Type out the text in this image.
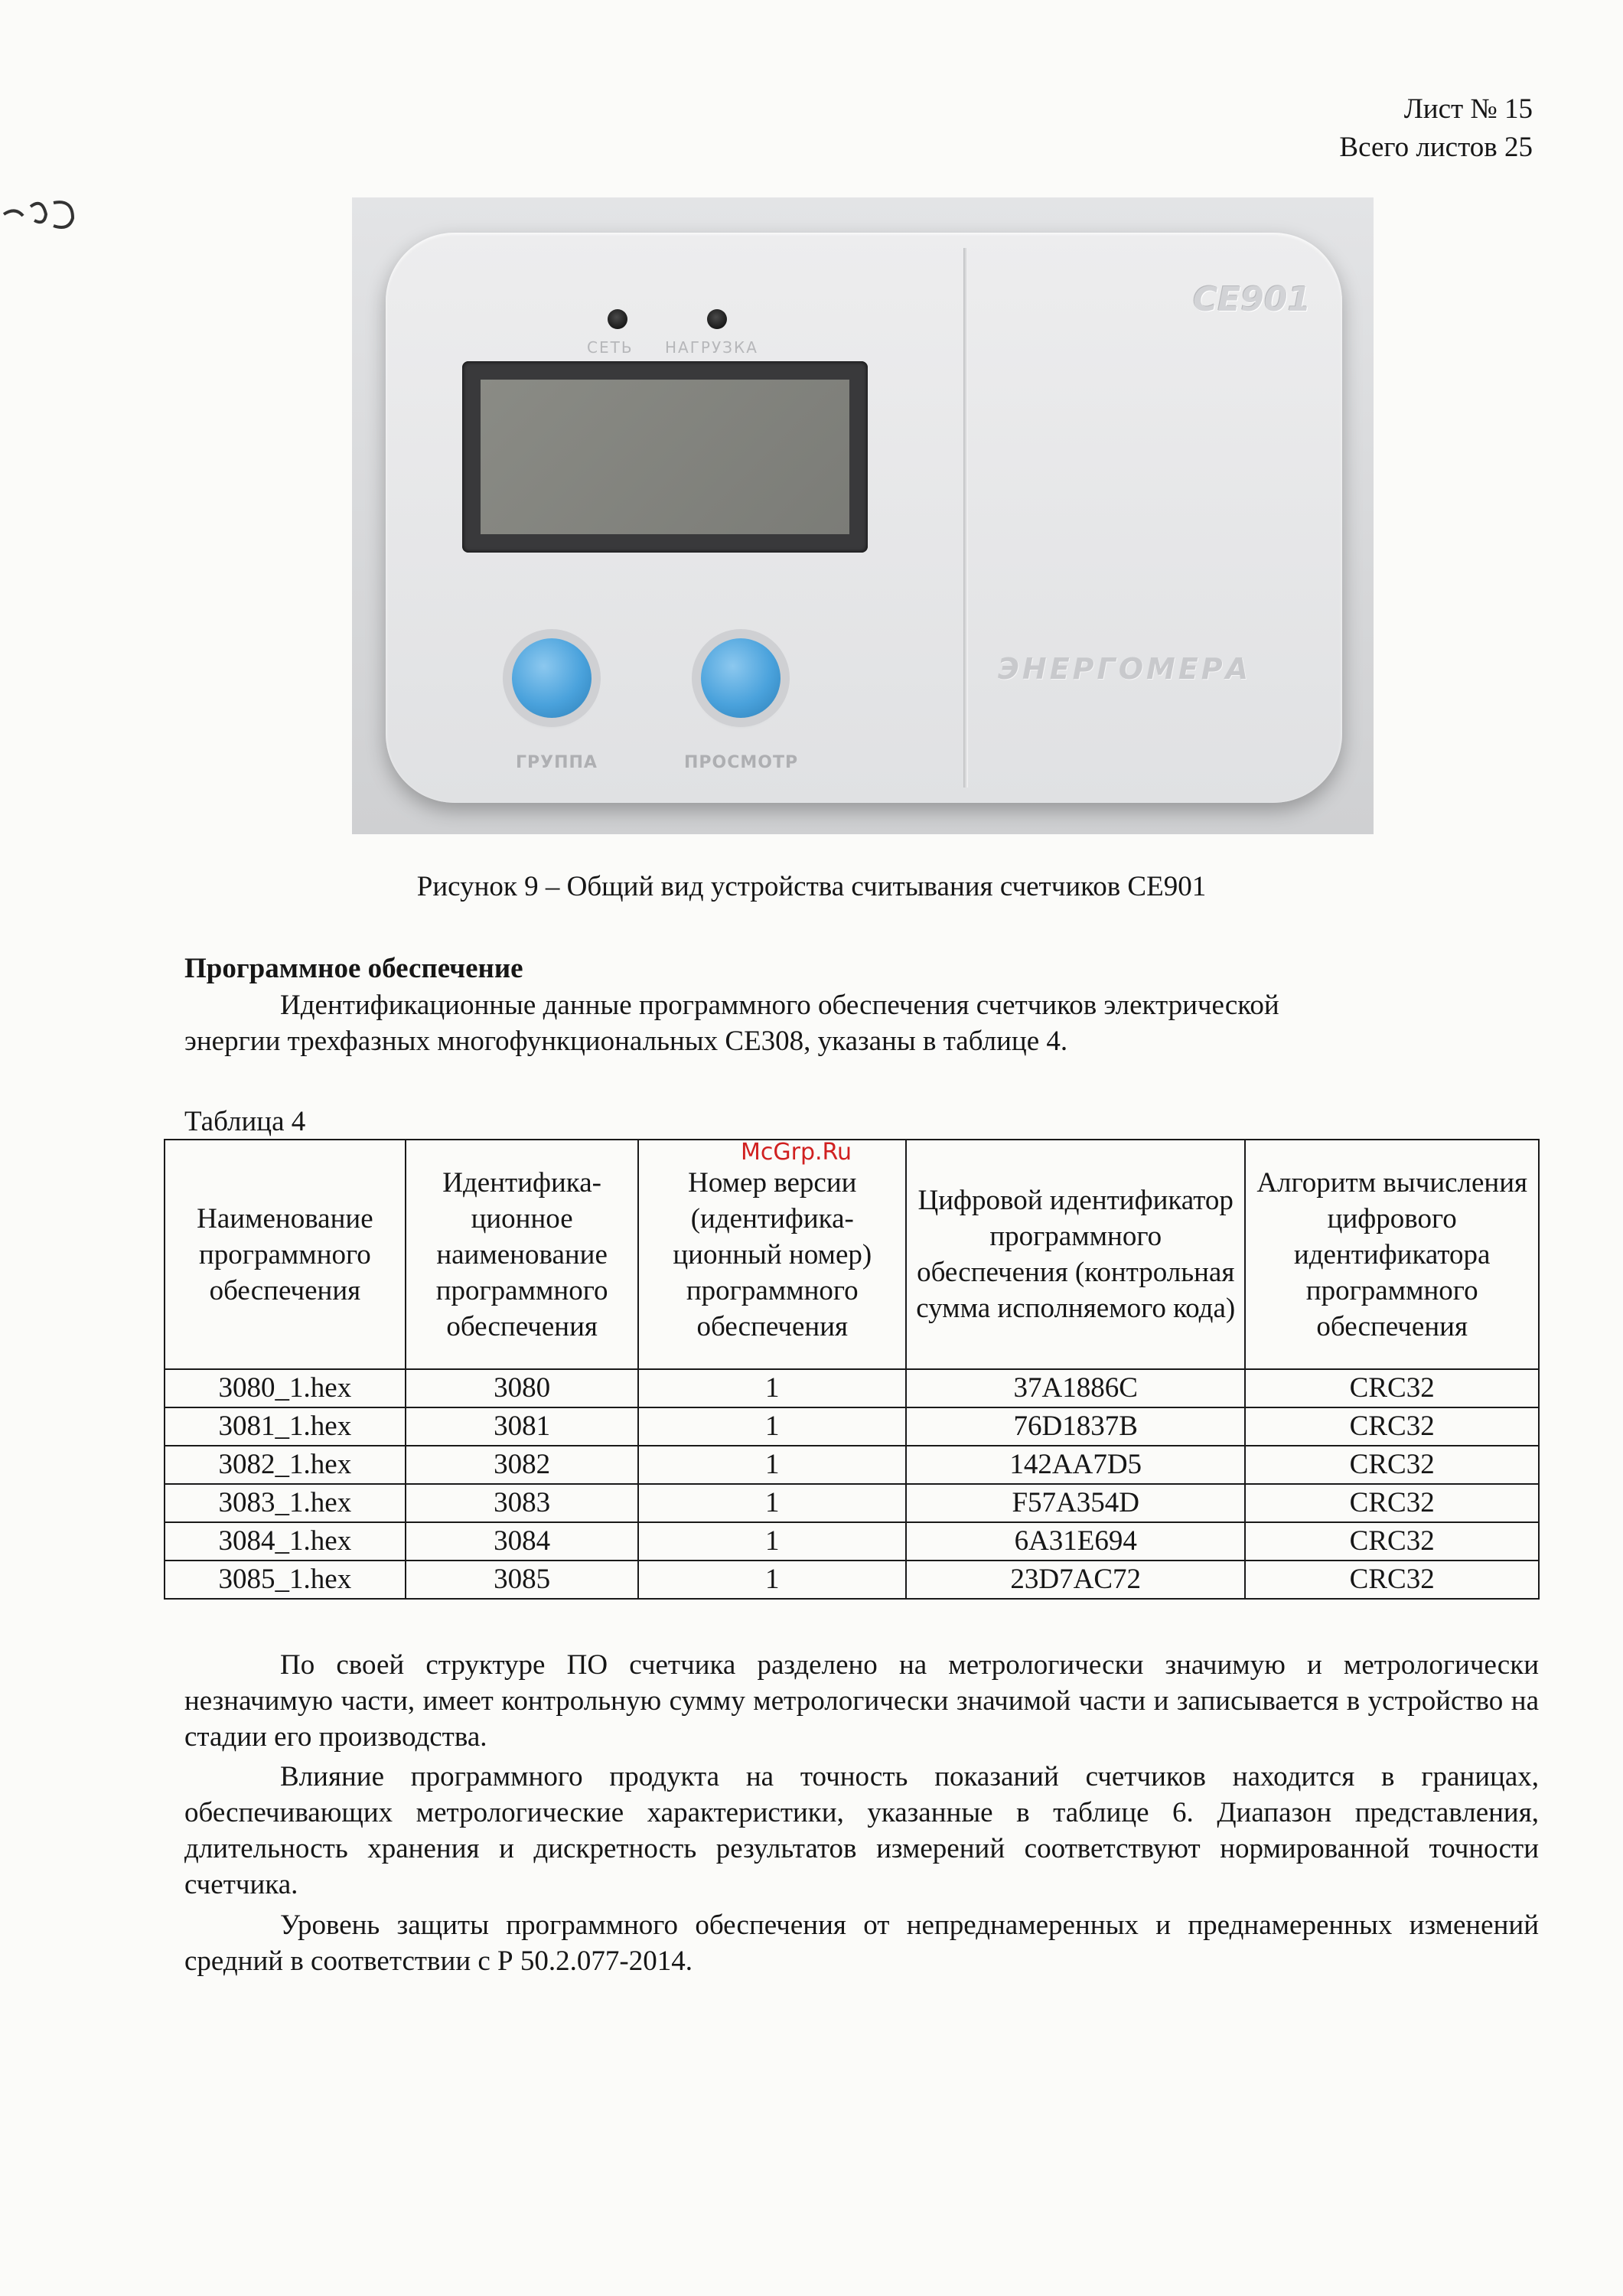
Лист № 15
Всего листов 25
СЕТЬ НАГРУЗКА
ГРУППА	ПРОСМОТР
CE901
ЭНЕРГОМЕРА
Рисунок 9 – Общий вид устройства считывания счетчиков CE901
Программное обеспечение
Идентификационные данные программного обеспечения счетчиков электрической
энергии трехфазных многофункциональных СЕ308, указаны в таблице 4.
Таблица 4
McGrp.Ru
Наименование программного обеспечения	Идентифика-ционное наименование программного обеспечения	Номер версии (идентифика-ционный номер) программного обеспечения	Цифровой идентификатор программного обеспечения (контрольная сумма исполняемого кода)	Алгоритм вычисления цифрового идентификатора программного обеспечения
3080_1.hex	3080	1	37A1886C	CRC32
3081_1.hex	3081	1	76D1837B	CRC32
3082_1.hex	3082	1	142AA7D5	CRC32
3083_1.hex	3083	1	F57A354D	CRC32
3084_1.hex	3084	1	6A31E694	CRC32
3085_1.hex	3085	1	23D7AC72	CRC32
По своей структуре ПО счетчика разделено на метрологически значимую и метрологически незначимую части, имеет контрольную сумму метрологически значимой части и записывается в устройство на стадии его производства.
Влияние программного продукта на точность показаний счетчиков находится в границах, обеспечивающих метрологические характеристики, указанные в таблице 6. Диапазон представления, длительность хранения и дискретность результатов измерений соответствуют нормированной точности счетчика.
Уровень защиты программного обеспечения от непреднамеренных и преднамеренных изменений средний в соответствии с Р 50.2.077-2014.
